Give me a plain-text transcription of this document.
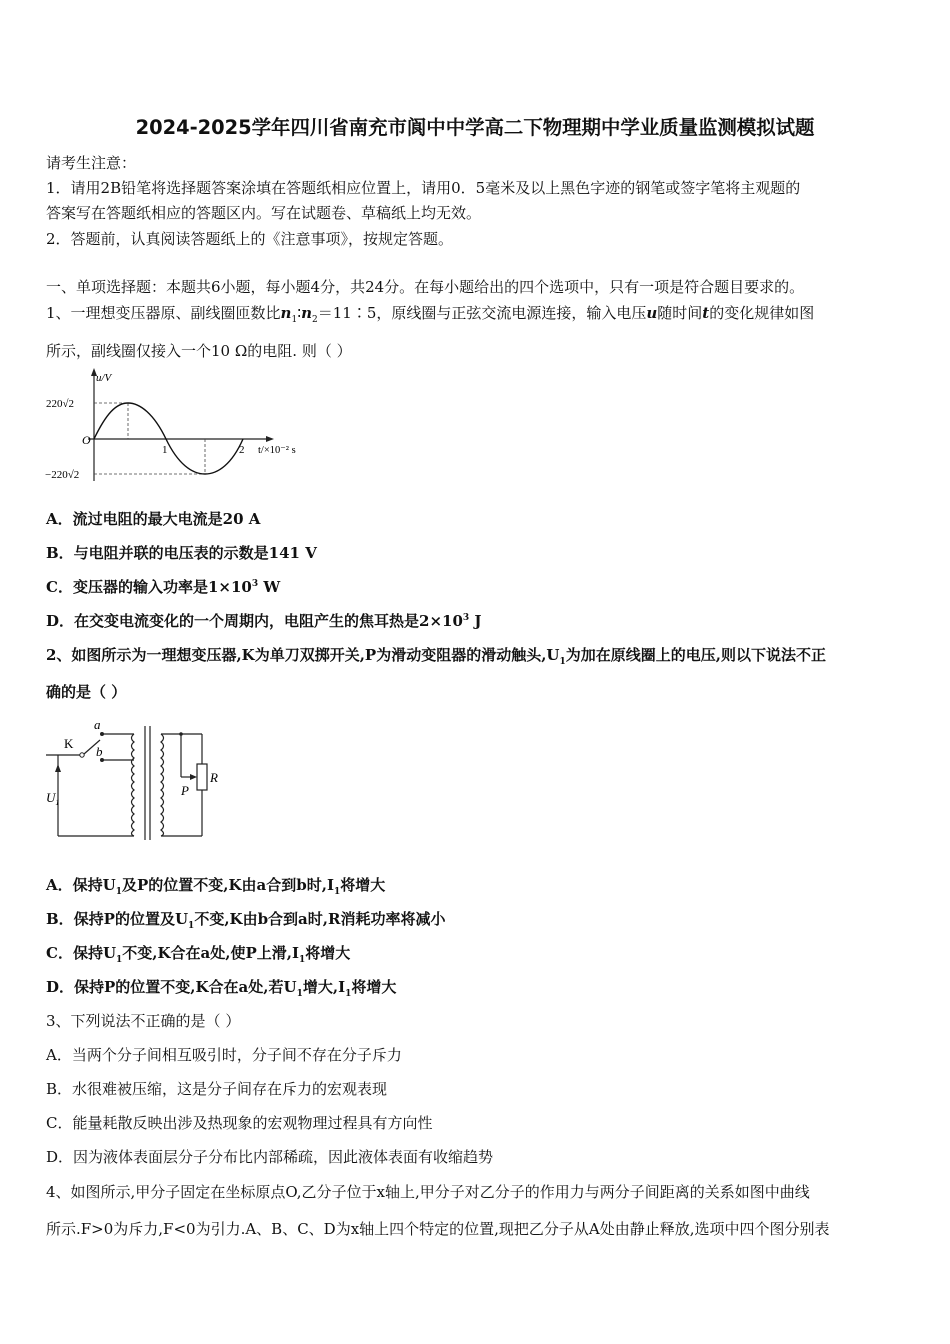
2024-2025学年四川省南充市阆中中学高二下物理期中学业质量监测模拟试题
请考生注意：
1．请用2B铅笔将选择题答案涂填在答题纸相应位置上，请用0．5毫米及以上黑色字迹的钢笔或签字笔将主观题的
答案写在答题纸相应的答题区内。写在试题卷、草稿纸上均无效。
2．答题前，认真阅读答题纸上的《注意事项》，按规定答题。
一、单项选择题：本题共6小题，每小题4分，共24分。在每小题给出的四个选项中，只有一项是符合题目要求的。
1、一理想变压器原、副线圈匝数比$n_1∶n_2=11∶5$，原线圈与正弦交流电源连接，输入电压u随时间t的变化规律如图
所示，副线圈仅接入一个10 Ω的电阻. 则（ ）
u/V
220√2
−220√2
O
1	2 t/×10⁻² s
A．流过电阻的最大电流是20 A
B．与电阻并联的电压表的示数是141 V
C．变压器的输入功率是$1\times 10^3$ W
D．在交变电流变化的一个周期内，电阻产生的焦耳热是$2\times 10^3$ J
2、如图所示为一理想变压器,K为单刀双掷开关,P为滑动变阻器的滑动触头$,U_1$为加在原线圈上的电压,则以下说法不正
确的是（ ）
a
b
K
$U_1$
P
R
A．保持$U_1$及P的位置不变,K由a合到b时$,I_1$将增大
B．保持P的位置及$U_1$不变,K由b合到a时,R消耗功率将减小
C．保持$U_1$不变,K合在a处,使P上滑$,I_1$将增大
D．保持P的位置不变,K合在a处,若$U_1$增大$,I_1$将增大
3、下列说法不正确的是（ ）
A．当两个分子间相互吸引时，分子间不存在分子斥力
B．水很难被压缩，这是分子间存在斥力的宏观表现
C．能量耗散反映出涉及热现象的宏观物理过程具有方向性
D．因为液体表面层分子分布比内部稀疏，因此液体表面有收缩趋势
4、如图所示,甲分子固定在坐标原点O,乙分子位于x轴上,甲分子对乙分子的作用力与两分子间距离的关系如图中曲线
所示.F>0为斥力,F<0为引力.A、B、C、D为x轴上四个特定的位置,现把乙分子从A处由静止释放,选项中四个图分别表
